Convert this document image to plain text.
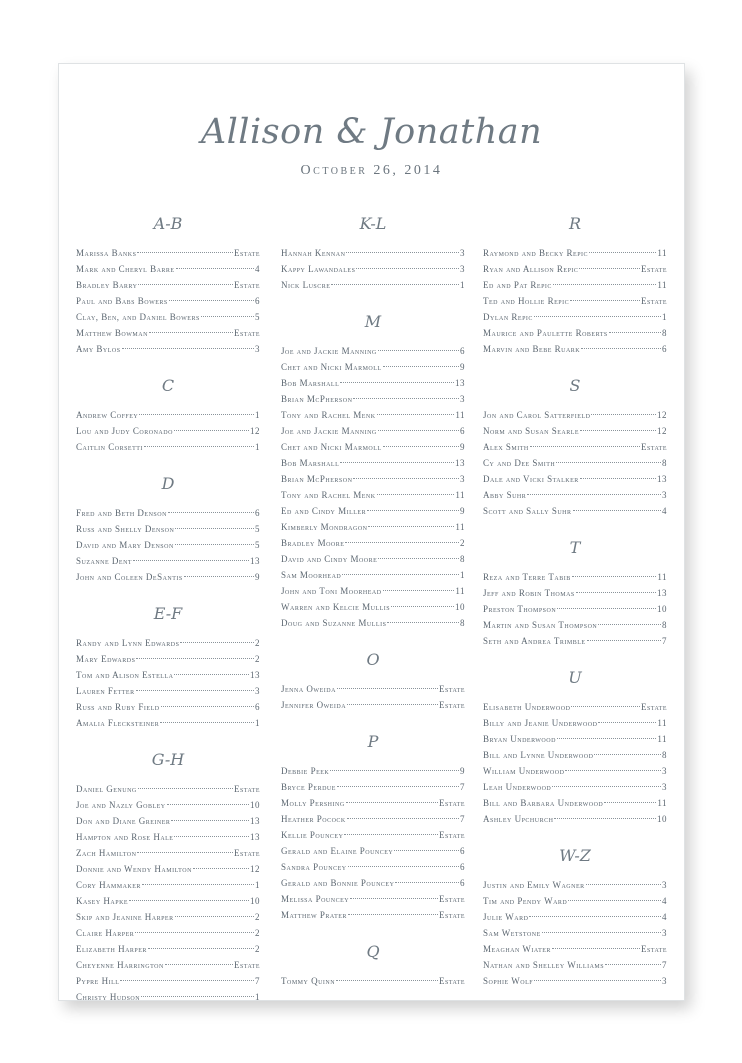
Allison & Jonathan
October 26, 2014
A-B
Marissa Banks	Estate
Mark and Cheryl Barre	4
Bradley Barry	Estate
Paul and Babs Bowers	6
Clay, Ben, and Daniel Bowers	5
Matthew Bowman	Estate
Amy Bylos	3
C
Andrew Coffey	1
Lou and Judy Coronado	12
Caitlin Corsetti	1
D
Fred and Beth Denson	6
Russ and Shelly Denson	5
David and Mary Denson	5
Suzanne Dent	13
John and Coleen DeSantis	9
E-F
Randy and Lynn Edwards	2
Mary Edwards	2
Tom and Alison Estella	13
Lauren Fetter	3
Russ and Ruby Field	6
Amalia Flecksteiner	1
G-H
Daniel Genung	Estate
Joe and Nazly Gobley	10
Don and Diane Greiner	13
Hampton and Rose Hale	13
Zach Hamilton	Estate
Donnie and Wendy Hamilton	12
Cory Hammaker	1
Kasey Hapke	10
Skip and Jeanine Harper	2
Claire Harper	2
Elizabeth Harper	2
Cheyenne Harrington	Estate
Pypre Hill	7
Christy Hudson	1
K-L
Hannah Kennan	3
Kappy Lawandales	3
Nick Luscre	1
M
Joe and Jackie Manning	6
Chet and Nicki Marmoll	9
Bob Marshall	13
Brian McPherson	3
Tony and Rachel Menk	11
Joe and Jackie Manning	6
Chet and Nicki Marmoll	9
Bob Marshall	13
Brian McPherson	3
Tony and Rachel Menk	11
Ed and Cindy Miller	9
Kimberly Mondragon	11
Bradley Moore	2
David and Cindy Moore	8
Sam Moorhead	1
John and Toni Moorhead	11
Warren and Kelcie Mullis	10
Doug and Suzanne Mullis	8
O
Jenna Oweida	Estate
Jennifer Oweida	Estate
P
Debbie Peek	9
Bryce Perdue	7
Molly Pershing	Estate
Heather Pocock	7
Kellie Pouncey	Estate
Gerald and Elaine Pouncey	6
Sandra Pouncey	6
Gerald and Bonnie Pouncey	6
Melissa Pouncey	Estate
Matthew Prater	Estate
Q
Tommy Quinn	Estate
R
Raymond and Becky Repic	11
Ryan and Allison Repic	Estate
Ed and Pat Repic	11
Ted and Hollie Repic	Estate
Dylan Repic	1
Maurice and Paulette Roberts	8
Marvin and Bebe Ruark	6
S
Jon and Carol Satterfield	12
Norm and Susan Searle	12
Alex Smith	Estate
Cy and Dee Smith	8
Dale and Vicki Stalker	13
Abby Suhr	3
Scott and Sally Suhr	4
T
Reza and Terre Tabib	11
Jeff and Robin Thomas	13
Preston Thompson	10
Martin and Susan Thompson	8
Seth and Andrea Trimble	7
U
Elisabeth Underwood	Estate
Billy and Jeanie Underwood	11
Bryan Underwood	11
Bill and Lynne Underwood	8
William Underwood	3
Leah Underwood	3
Bill and Barbara Underwood	11
Ashley Upchurch	10
W-Z
Justin and Emily Wagner	3
Tim and Pendy Ward	4
Julie Ward	4
Sam Wetstone	3
Meaghan Wiater	Estate
Nathan and Shelley Williams	7
Sophie Wolf	3
